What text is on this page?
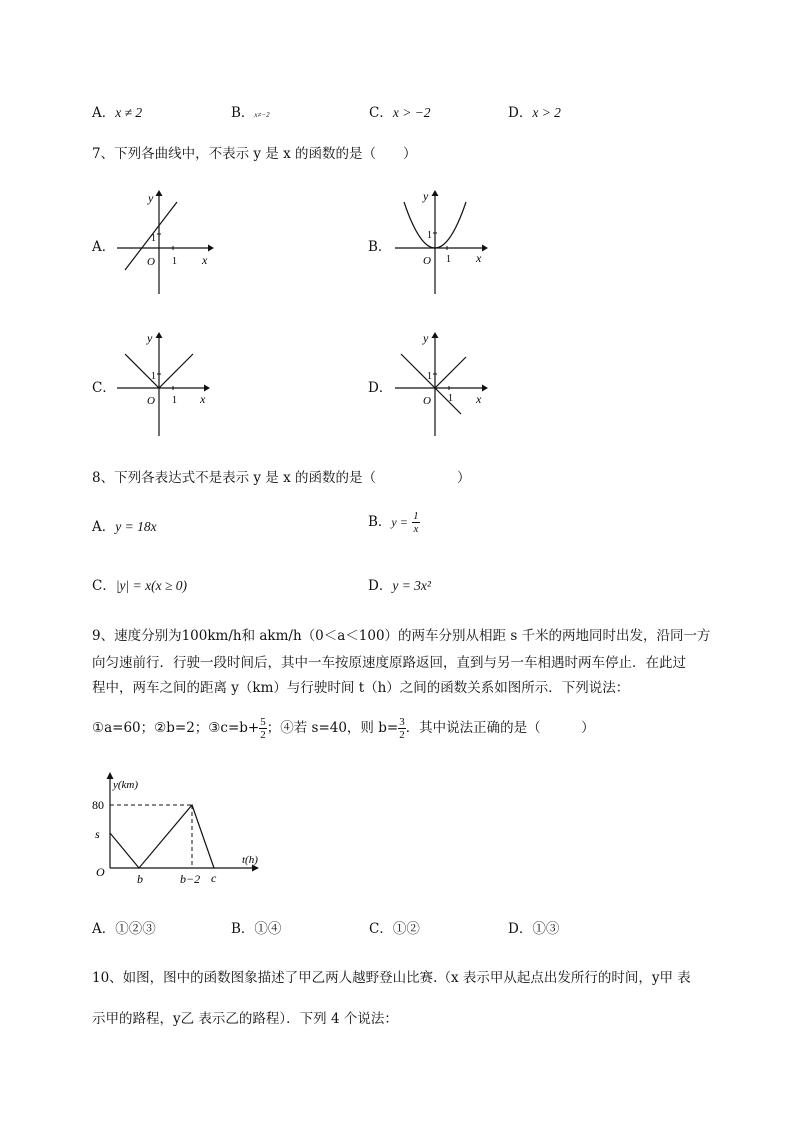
A．x ≠ 2	B．x≠−2	C．x > −2	D．x > 2
7、下列各曲线中，不表示 y 是 x 的函数的是（　　）
A．
y
x
O 1
1
B．
y
x
O 1
1
C．
y
x
O 1
1
D．
y
x
O 1
1
8、下列各表达式不是表示 y 是 x 的函数的是（　　　　　　）
A．y = 18x	B．$y = \frac{1}{x}$
C．|y| = x(x ≥ 0)	D．y = 3x²
9、速度分别为100km/h和 akm/h（0＜a＜100）的两车分别从相距 s 千米的两地同时出发，沿同一方
向匀速前行．行驶一段时间后，其中一车按原速度原路返回，直到与另一车相遇时两车停止．在此过
程中，两车之间的距离 y（km）与行驶时间 t（h）之间的函数关系如图所示．下列说法：
①a=60；②b=2；③c=b+ $\frac{5}{2}$ ；④若 s=40，则 $b= \frac{3}{2}$ ．其中说法正确的是（　　　）
y(km)
t(h)
80
s
O	b	b−2 c
A．①②③	B．①④	C．①②	D．①③
10、如图，图中的函数图象描述了甲乙两人越野登山比赛.（x 表示甲从起点出发所行的时间，y甲 表
示甲的路程，y乙 表示乙的路程）．下列 4 个说法：
